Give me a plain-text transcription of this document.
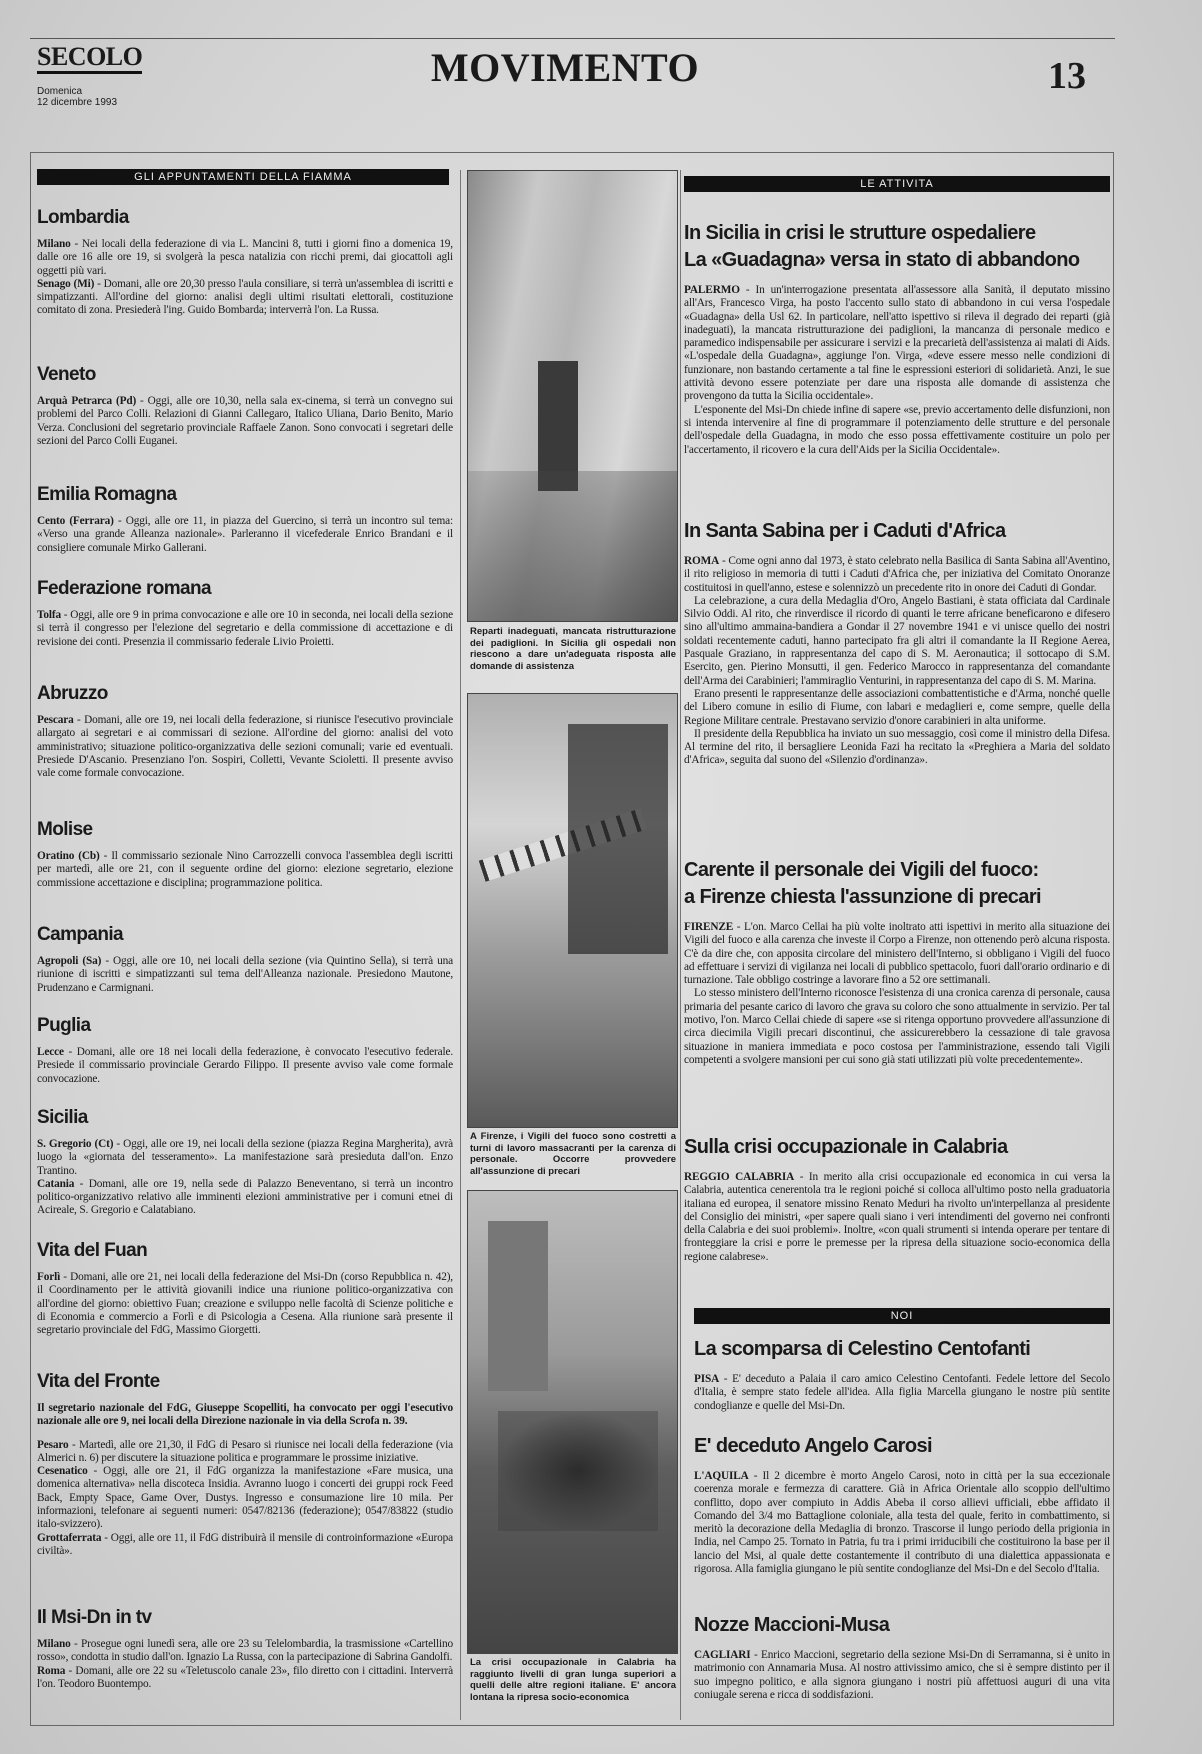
SECOLO
Domenica
12 dicembre 1993
MOVIMENTO	13
GLI APPUNTAMENTI DELLA FIAMMA
Lombardia

Milano - Nei locali della federazione di via L. Mancini 8, tutti i giorni fino a domenica 19, dalle ore 16 alle ore 19, si svolgerà la pesca natalizia con ricchi premi, dai giocattoli agli oggetti più vari.

Senago (Mi) - Domani, alle ore 20,30 presso l'aula consiliare, si terrà un'assemblea di iscritti e simpatizzanti. All'ordine del giorno: analisi degli ultimi risultati elettorali, costituzione comitato di zona. Presiederà l'ing. Guido Bombarda; interverrà l'on. La Russa.

Veneto

Arquà Petrarca (Pd) - Oggi, alle ore 10,30, nella sala ex-cinema, si terrà un convegno sui problemi del Parco Colli. Relazioni di Gianni Callegaro, Italico Uliana, Dario Benito, Mario Verza. Conclusioni del segretario provinciale Raffaele Zanon. Sono convocati i segretari delle sezioni del Parco Colli Euganei.

Emilia Romagna

Cento (Ferrara) - Oggi, alle ore 11, in piazza del Guercino, si terrà un incontro sul tema: «Verso una grande Alleanza nazionale». Parleranno il vicefederale Enrico Brandani e il consigliere comunale Mirko Gallerani.

Federazione romana

Tolfa - Oggi, alle ore 9 in prima convocazione e alle ore 10 in seconda, nei locali della sezione si terrà il congresso per l'elezione del segretario e della commissione di accettazione e di revisione dei conti. Presenzia il commissario federale Livio Proietti.

Abruzzo

Pescara - Domani, alle ore 19, nei locali della federazione, si riunisce l'esecutivo provinciale allargato ai segretari e ai commissari di sezione. All'ordine del giorno: analisi del voto amministrativo; situazione politico-organizzativa delle sezioni comunali; varie ed eventuali. Presiede D'Ascanio. Presenziano l'on. Sospiri, Colletti, Vevante Scioletti. Il presente avviso vale come formale convocazione.

Molise

Oratino (Cb) - Il commissario sezionale Nino Carrozzelli convoca l'assemblea degli iscritti per martedì, alle ore 21, con il seguente ordine del giorno: elezione segretario, elezione commissione accettazione e disciplina; programmazione politica.

Campania

Agropoli (Sa) - Oggi, alle ore 10, nei locali della sezione (via Quintino Sella), si terrà una riunione di iscritti e simpatizzanti sul tema dell'Alleanza nazionale. Presiedono Mautone, Prudenzano e Carmignani.

Puglia

Lecce - Domani, alle ore 18 nei locali della federazione, è convocato l'esecutivo federale. Presiede il commissario provinciale Gerardo Filippo. Il presente avviso vale come formale convocazione.

Sicilia

S. Gregorio (Ct) - Oggi, alle ore 19, nei locali della sezione (piazza Regina Margherita), avrà luogo la «giornata del tesseramento». La manifestazione sarà presieduta dall'on. Enzo Trantino.

Catania - Domani, alle ore 19, nella sede di Palazzo Beneventano, si terrà un incontro politico-organizzativo relativo alle imminenti elezioni amministrative per i comuni etnei di Acireale, S. Gregorio e Calatabiano.

Vita del Fuan

Forlì - Domani, alle ore 21, nei locali della federazione del Msi-Dn (corso Repubblica n. 42), il Coordinamento per le attività giovanili indice una riunione politico-organizzativa con all'ordine del giorno: obiettivo Fuan; creazione e sviluppo nelle facoltà di Scienze politiche e di Economia e commercio a Forlì e di Psicologia a Cesena. Alla riunione sarà presente il segretario provinciale del FdG, Massimo Giorgetti.

Vita del Fronte

Il segretario nazionale del FdG, Giuseppe Scopelliti, ha convocato per oggi l'esecutivo nazionale alle ore 9, nei locali della Direzione nazionale in via della Scrofa n. 39.

Pesaro - Martedì, alle ore 21,30, il FdG di Pesaro si riunisce nei locali della federazione (via Almerici n. 6) per discutere la situazione politica e programmare le prossime iniziative.

Cesenatico - Oggi, alle ore 21, il FdG organizza la manifestazione «Fare musica, una domenica alternativa» nella discoteca Insidia. Avranno luogo i concerti dei gruppi rock Feed Back, Empty Space, Game Over, Dustys. Ingresso e consumazione lire 10 mila. Per informazioni, telefonare ai seguenti numeri: 0547/82136 (federazione); 0547/83822 (studio italo-svizzero).

Grottaferrata - Oggi, alle ore 11, il FdG distribuirà il mensile di controinformazione «Europa civiltà».

Il Msi-Dn in tv

Milano - Prosegue ogni lunedì sera, alle ore 23 su Telelombardia, la trasmissione «Cartellino rosso», condotta in studio dall'on. Ignazio La Russa, con la partecipazione di Sabrina Gandolfi.

Roma - Domani, alle ore 22 su «Teletuscolo canale 23», filo diretto con i cittadini. Interverrà l'on. Teodoro Buontempo.

Reparti inadeguati, mancata ristrutturazione dei padiglioni. In Sicilia gli ospedali non riescono a dare un'adeguata risposta alle domande di assistenza
A Firenze, i Vigili del fuoco sono costretti a turni di lavoro massacranti per la carenza di personale. Occorre provvedere all'assunzione di precari
La crisi occupazionale in Calabria ha raggiunto livelli di gran lunga superiori a quelli delle altre regioni italiane. E' ancora lontana la ripresa socio-economica
LE ATTIVITA
NOI
In Sicilia in crisi le strutture ospedaliere
La «Guadagna» versa in stato di abbandono

PALERMO - In un'interrogazione presentata all'assessore alla Sanità, il deputato missino all'Ars, Francesco Virga, ha posto l'accento sullo stato di abbandono in cui versa l'ospedale «Guadagna» della Usl 62. In particolare, nell'atto ispettivo si rileva il degrado dei reparti (già inadeguati), la mancata ristrutturazione dei padiglioni, la mancanza di personale medico e paramedico indispensabile per assicurare i servizi e la precarietà dell'assistenza ai malati di Aids. «L'ospedale della Guadagna», aggiunge l'on. Virga, «deve essere messo nelle condizioni di funzionare, non bastando certamente a tal fine le espressioni esteriori di solidarietà. Anzi, le sue attività devono essere potenziate per dare una risposta alle domande di assistenza che provengono da tutta la Sicilia occidentale».

L'esponente del Msi-Dn chiede infine di sapere «se, previo accertamento delle disfunzioni, non si intenda intervenire al fine di programmare il potenziamento delle strutture e del personale dell'ospedale della Guadagna, in modo che esso possa effettivamente costituire un polo per l'accertamento, il ricovero e la cura dell'Aids per la Sicilia Occidentale».

In Santa Sabina per i Caduti d'Africa

ROMA - Come ogni anno dal 1973, è stato celebrato nella Basilica di Santa Sabina all'Aventino, il rito religioso in memoria di tutti i Caduti d'Africa che, per iniziativa del Comitato Onoranze costituitosi in quell'anno, estese e solennizzò un precedente rito in onore dei Caduti di Gondar.

La celebrazione, a cura della Medaglia d'Oro, Angelo Bastiani, è stata officiata dal Cardinale Silvio Oddi. Al rito, che rinverdisce il ricordo di quanti le terre africane beneficarono e difesero sino all'ultimo ammaina-bandiera a Gondar il 27 novembre 1941 e vi unisce quello dei nostri soldati recentemente caduti, hanno partecipato fra gli altri il comandante la II Regione Aerea, Pasquale Graziano, in rappresentanza del capo di S. M. Aeronautica; il sottocapo di S.M. Esercito, gen. Pierino Monsutti, il gen. Federico Marocco in rappresentanza del comandante dell'Arma dei Carabinieri; l'ammiraglio Venturini, in rappresentanza del capo di S. M. Marina.

Erano presenti le rappresentanze delle associazioni combattentistiche e d'Arma, nonché quelle del Libero comune in esilio di Fiume, con labari e medaglieri e, come sempre, quelle della Regione Militare centrale. Prestavano servizio d'onore carabinieri in alta uniforme.

Il presidente della Repubblica ha inviato un suo messaggio, così come il ministro della Difesa. Al termine del rito, il bersagliere Leonida Fazi ha recitato la «Preghiera a Maria del soldato d'Africa», seguita dal suono del «Silenzio d'ordinanza».

Carente il personale dei Vigili del fuoco:
a Firenze chiesta l'assunzione di precari

FIRENZE - L'on. Marco Cellai ha più volte inoltrato atti ispettivi in merito alla situazione dei Vigili del fuoco e alla carenza che investe il Corpo a Firenze, non ottenendo però alcuna risposta. C'è da dire che, con apposita circolare del ministero dell'Interno, si obbligano i Vigili del fuoco ad effettuare i servizi di vigilanza nei locali di pubblico spettacolo, fuori dall'orario ordinario e di turnazione. Tale obbligo costringe a lavorare fino a 52 ore settimanali.

Lo stesso ministero dell'Interno riconosce l'esistenza di una cronica carenza di personale, causa primaria del pesante carico di lavoro che grava su coloro che sono attualmente in servizio. Per tal motivo, l'on. Marco Cellai chiede di sapere «se si ritenga opportuno provvedere all'assunzione di circa diecimila Vigili precari discontinui, che assicurerebbero la cessazione di tale gravosa situazione in maniera immediata e poco costosa per l'amministrazione, essendo tali Vigili competenti a svolgere mansioni per cui sono già stati utilizzati più volte precedentemente».

Sulla crisi occupazionale in Calabria

REGGIO CALABRIA - In merito alla crisi occupazionale ed economica in cui versa la Calabria, autentica cenerentola tra le regioni poiché si colloca all'ultimo posto nella graduatoria italiana ed europea, il senatore missino Renato Meduri ha rivolto un'interpellanza al presidente del Consiglio dei ministri, «per sapere quali siano i veri intendimenti del governo nei confronti della Calabria e dei suoi problemi». Inoltre, «con quali strumenti si intenda operare per tentare di fronteggiare la crisi e porre le premesse per la ripresa della situazione socio-economica della regione calabrese».

La scomparsa di Celestino Centofanti

PISA - E' deceduto a Palaia il caro amico Celestino Centofanti. Fedele lettore del Secolo d'Italia, è sempre stato fedele all'idea. Alla figlia Marcella giungano le nostre più sentite condoglianze e quelle del Msi-Dn.

E' deceduto Angelo Carosi

L'AQUILA - Il 2 dicembre è morto Angelo Carosi, noto in città per la sua eccezionale coerenza morale e fermezza di carattere. Già in Africa Orientale allo scoppio dell'ultimo conflitto, dopo aver compiuto in Addis Abeba il corso allievi ufficiali, ebbe affidato il Comando del 3/4 mo Battaglione coloniale, alla testa del quale, ferito in combattimento, si meritò la decorazione della Medaglia di bronzo. Trascorse il lungo periodo della prigionia in India, nel Campo 25. Tornato in Patria, fu tra i primi irriducibili che costituirono la base per il lancio del Msi, al quale dette costantemente il contributo di una dialettica appassionata e rigorosa. Alla famiglia giungano le più sentite condoglianze del Msi-Dn e del Secolo d'Italia.

Nozze Maccioni-Musa

CAGLIARI - Enrico Maccioni, segretario della sezione Msi-Dn di Serramanna, si è unito in matrimonio con Annamaria Musa. Al nostro attivissimo amico, che si è sempre distinto per il suo impegno politico, e alla signora giungano i nostri più affettuosi auguri di una vita coniugale serena e ricca di soddisfazioni.
